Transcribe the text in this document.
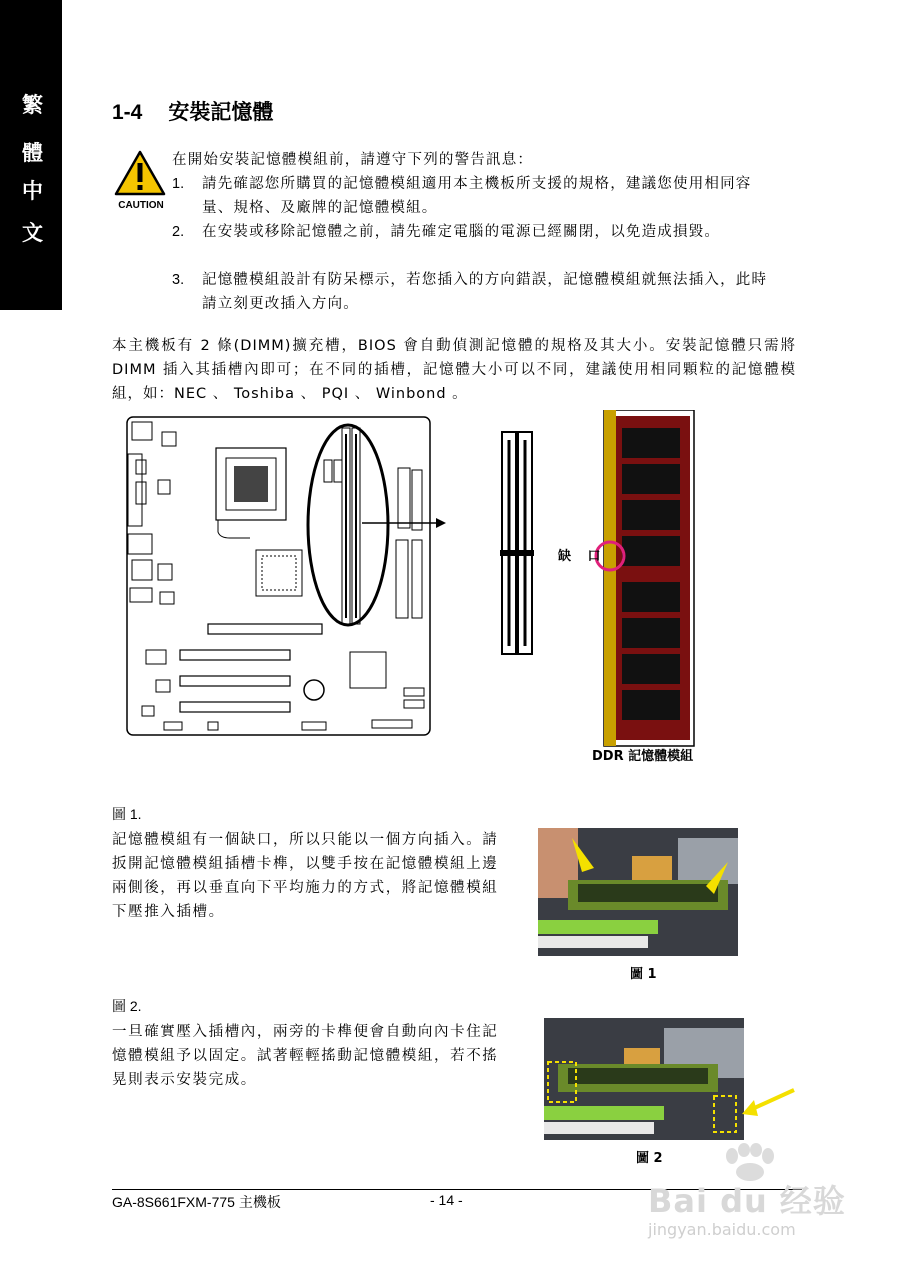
繁
體
中
文
1-4 安裝記憶體
CAUTION
在開始安裝記憶體模組前，請遵守下列的警告訊息：
1. 請先確認您所購買的記憶體模組適用本主機板所支援的規格，建議您使用相同容量、規格、及廠牌的記憶體模組。
2. 在安裝或移除記憶體之前，請先確定電腦的電源已經關閉，以免造成損毀。
3. 記憶體模組設計有防呆標示，若您插入的方向錯誤，記憶體模組就無法插入，此時請立刻更改插入方向。
本主機板有 2 條(DIMM)擴充槽，BIOS 會自動偵測記憶體的規格及其大小。安裝記憶體只需將 DIMM 插入其插槽內即可；在不同的插槽，記憶體大小可以不同，建議使用相同顆粒的記憶體模組，如：NEC 、 Toshiba 、 PQI 、 Winbond 。
缺 口
DDR 記憶體模組
圖 1.
記憶體模組有一個缺口，所以只能以一個方向插入。請扳開記憶體模組插槽卡榫，以雙手按在記憶體模組上邊兩側後，再以垂直向下平均施力的方式，將記憶體模組下壓推入插槽。
圖 1
圖 2.
一旦確實壓入插槽內，兩旁的卡榫便會自動向內卡住記憶體模組予以固定。試著輕輕搖動記憶體模組，若不搖晃則表示安裝完成。
圖 2
GA-8S661FXM-775 主機板	- 14 -	Bai du 经验
jingyan.baidu.com
